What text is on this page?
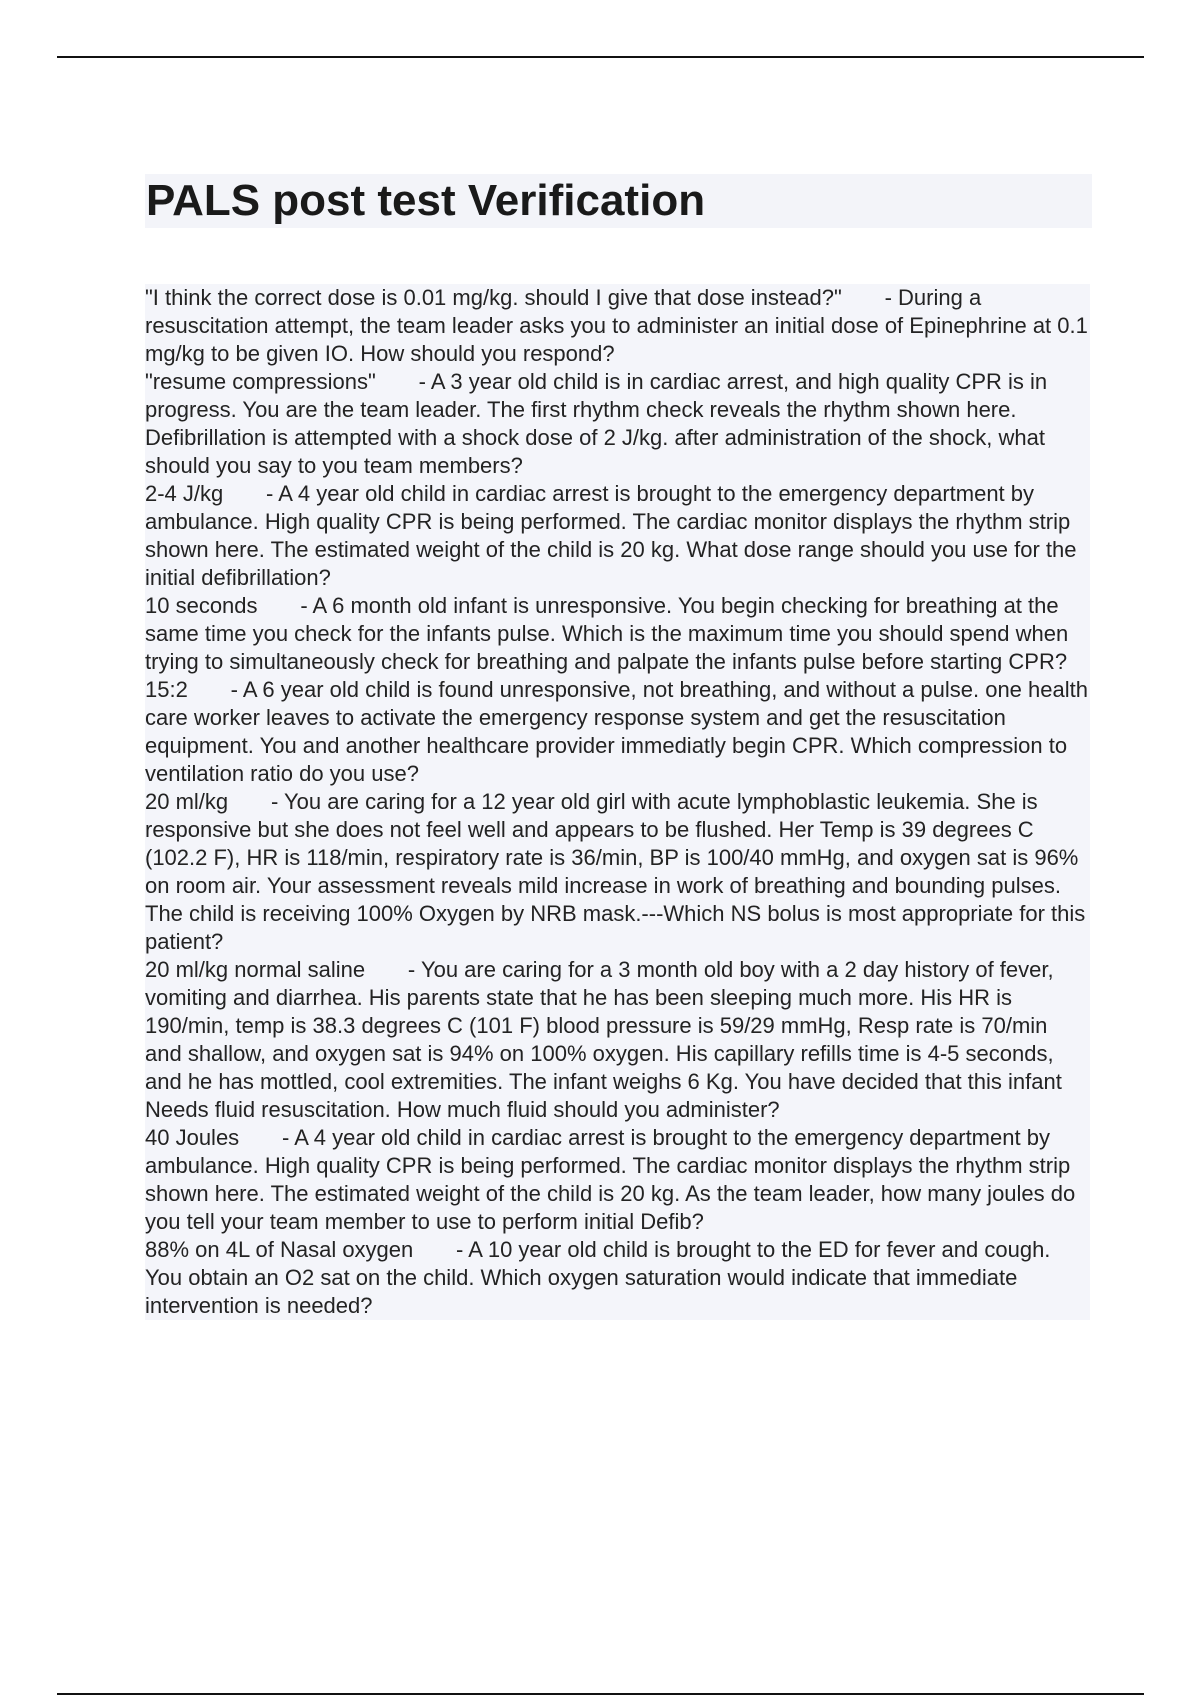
PALS post test Verification
"I think the correct dose is 0.01 mg/kg. should I give that dose instead?"       - During a resuscitation attempt, the team leader asks you to administer an initial dose of Epinephrine at 0.1 mg/kg to be given IO. How should you respond?
"resume compressions"       - A 3 year old child is in cardiac arrest, and high quality CPR is in progress. You are the team leader. The first rhythm check reveals the rhythm shown here. Defibrillation is attempted with a shock dose of 2 J/kg. after administration of the shock, what should you say to you team members?
2-4 J/kg       - A 4 year old child in cardiac arrest is brought to the emergency department by ambulance. High quality CPR is being performed. The cardiac monitor displays the rhythm strip shown here. The estimated weight of the child is 20 kg. What dose range should you use for the initial defibrillation?
10 seconds       - A 6 month old infant is unresponsive. You begin checking for breathing at the same time you check for the infants pulse. Which is the maximum time you should spend when trying to simultaneously check for breathing and palpate the infants pulse before starting CPR?
15:2       - A 6 year old child is found unresponsive, not breathing, and without a pulse. one health care worker leaves to activate the emergency response system and get the resuscitation equipment. You and another healthcare provider immediatly begin CPR. Which compression to ventilation ratio do you use?
20 ml/kg       - You are caring for a 12 year old girl with acute lymphoblastic leukemia. She is responsive but she does not feel well and appears to be flushed. Her Temp is 39 degrees C (102.2 F), HR is 118/min, respiratory rate is 36/min, BP is 100/40 mmHg, and oxygen sat is 96% on room air. Your assessment reveals mild increase in work of breathing and bounding pulses. The child is receiving 100% Oxygen by NRB mask.---Which NS bolus is most appropriate for this patient?
20 ml/kg normal saline       - You are caring for a 3 month old boy with a 2 day history of fever, vomiting and diarrhea. His parents state that he has been sleeping much more. His HR is 190/min, temp is 38.3 degrees C (101 F) blood pressure is 59/29 mmHg, Resp rate is 70/min and shallow, and oxygen sat is 94% on 100% oxygen. His capillary refills time is 4-5 seconds, and he has mottled, cool extremities. The infant weighs 6 Kg. You have decided that this infant Needs fluid resuscitation. How much fluid should you administer?
40 Joules       - A 4 year old child in cardiac arrest is brought to the emergency department by ambulance. High quality CPR is being performed. The cardiac monitor displays the rhythm strip shown here. The estimated weight of the child is 20 kg. As the team leader, how many joules do you tell your team member to use to perform initial Defib?
88% on 4L of Nasal oxygen       - A 10 year old child is brought to the ED for fever and cough. You obtain an O2 sat on the child. Which oxygen saturation would indicate that immediate intervention is needed?
